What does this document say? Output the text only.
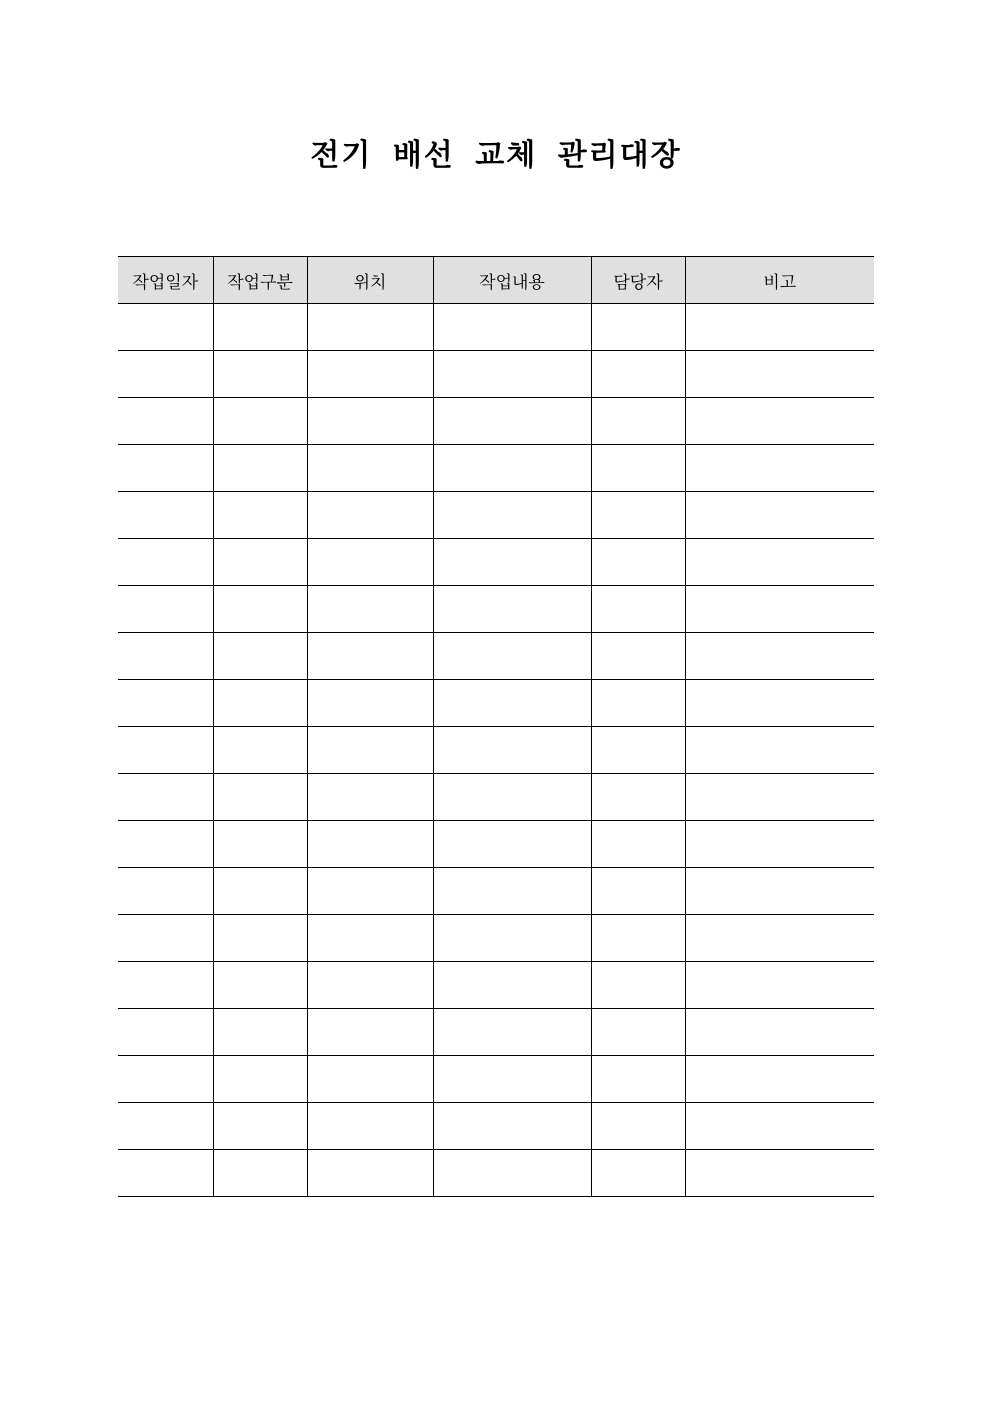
전기 배선 교체 관리대장
작업일자	작업구분	위치	작업내용	담당자	비고
